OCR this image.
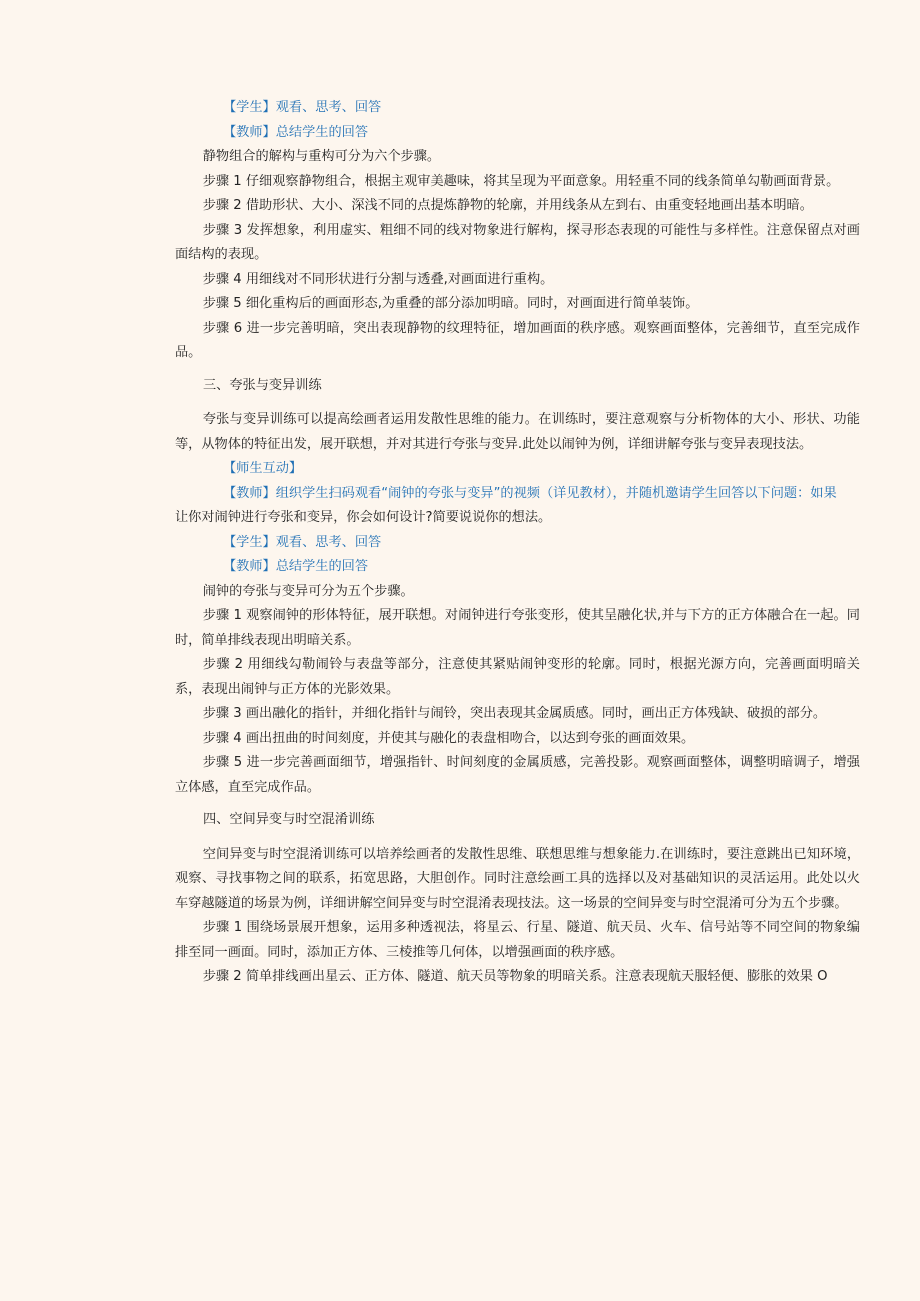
【学生】观看、思考、回答

【教师】总结学生的回答

静物组合的解构与重构可分为六个步骤。

步骤 1 仔细观察静物组合，根据主观审美趣味，将其呈现为平面意象。用轻重不同的线条简单勾勒画面背景。

步骤 2 借助形状、大小、深浅不同的点提炼静物的轮廓，并用线条从左到右、由重变轻地画出基本明暗。

步骤 3 发挥想象，利用虚实、粗细不同的线对物象进行解构，探寻形态表现的可能性与多样性。注意保留点对画面结构的表现。

步骤 4 用细线对不同形状进行分割与透叠,对画面进行重构。

步骤 5 细化重构后的画面形态,为重叠的部分添加明暗。同时，对画面进行简单装饰。

步骤 6 进一步完善明暗，突出表现静物的纹理特征，增加画面的秩序感。观察画面整体，完善细节，直至完成作品。

三、夸张与变异训练

夸张与变异训练可以提高绘画者运用发散性思维的能力。在训练时，要注意观察与分析物体的大小、形状、功能等，从物体的特征出发，展开联想，并对其进行夸张与变异.此处以闹钟为例，详细讲解夸张与变异表现技法。

【师生互动】

【教师】组织学生扫码观看“闹钟的夸张与变异”的视频（详见教材），并随机邀请学生回答以下问题：如果

让你对闹钟进行夸张和变异，你会如何设计?简要说说你的想法。

【学生】观看、思考、回答

【教师】总结学生的回答

闹钟的夸张与变异可分为五个步骤。

步骤 1 观察闹钟的形体特征，展开联想。对闹钟进行夸张变形，使其呈融化状,并与下方的正方体融合在一起。同时，简单排线表现出明暗关系。

步骤 2 用细线勾勒闹铃与表盘等部分，注意使其紧贴闹钟变形的轮廓。同时，根据光源方向，完善画面明暗关系，表现出闹钟与正方体的光影效果。

步骤 3 画出融化的指针，并细化指针与闹铃，突出表现其金属质感。同时，画出正方体残缺、破损的部分。

步骤 4 画出扭曲的时间刻度，并使其与融化的表盘相吻合，以达到夸张的画面效果。

步骤 5 进一步完善画面细节，增强指针、时间刻度的金属质感，完善投影。观察画面整体，调整明暗调子，增强立体感，直至完成作品。

四、空间异变与时空混淆训练

空间异变与时空混淆训练可以培养绘画者的发散性思维、联想思维与想象能力.在训练时，要注意跳出已知环境，观察、寻找事物之间的联系，拓宽思路，大胆创作。同时注意绘画工具的选择以及对基础知识的灵活运用。此处以火车穿越隧道的场景为例，详细讲解空间异变与时空混淆表现技法。这一场景的空间异变与时空混淆可分为五个步骤。

步骤 1 围绕场景展开想象，运用多种透视法，将星云、行星、隧道、航天员、火车、信号站等不同空间的物象编排至同一画面。同时，添加正方体、三棱推等几何体，以增强画面的秩序感。

步骤 2 简单排线画出星云、正方体、隧道、航天员等物象的明暗关系。注意表现航天服轻便、膨胀的效果 O
